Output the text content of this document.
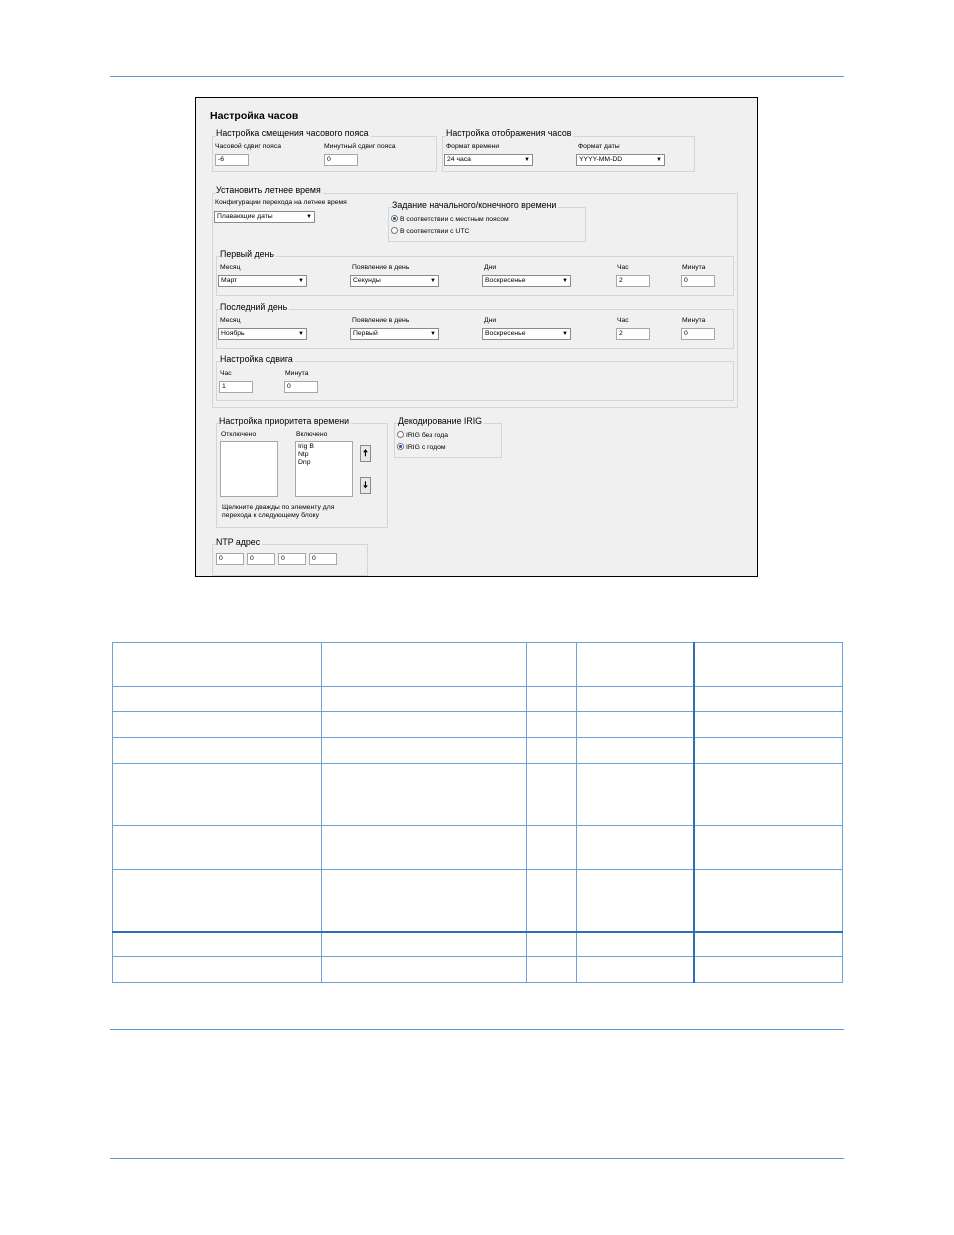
Настройка часов
Настройка смещения часового пояса
Часовой сдвиг пояса
-6
Минутный сдвиг пояса
0
Настройка отображения часов
Формат времени
24 часа	▼
Формат даты
YYYY-MM-DD	▼
Установить летнее время
Конфигурации перехода на летнее время
Плавающие даты	▼
Задание начального/конечного времени
В соответствии с местным поясом
В соответствии с UTC
Первый день
Месяц
Март	▼
Появление в день
Секунды	▼
Дни
Воскресенье	▼
Час
2
Минута
0
Последний день
Месяц
Ноябрь	▼
Появление в день
Первый	▼
Дни
Воскресенье	▼
Час
2
Минута
0
Настройка сдвига
Час
1
Минута
0
Настройка приоритета времени
Отключено	Включено
Irig B
Ntp
Dnp
🠅
🠇
Щелкните дважды по элементу для перехода к следующему блоку
Декодирование IRIG
IRIG без года
IRIG с годом
NTP адрес
0	0	0	0
